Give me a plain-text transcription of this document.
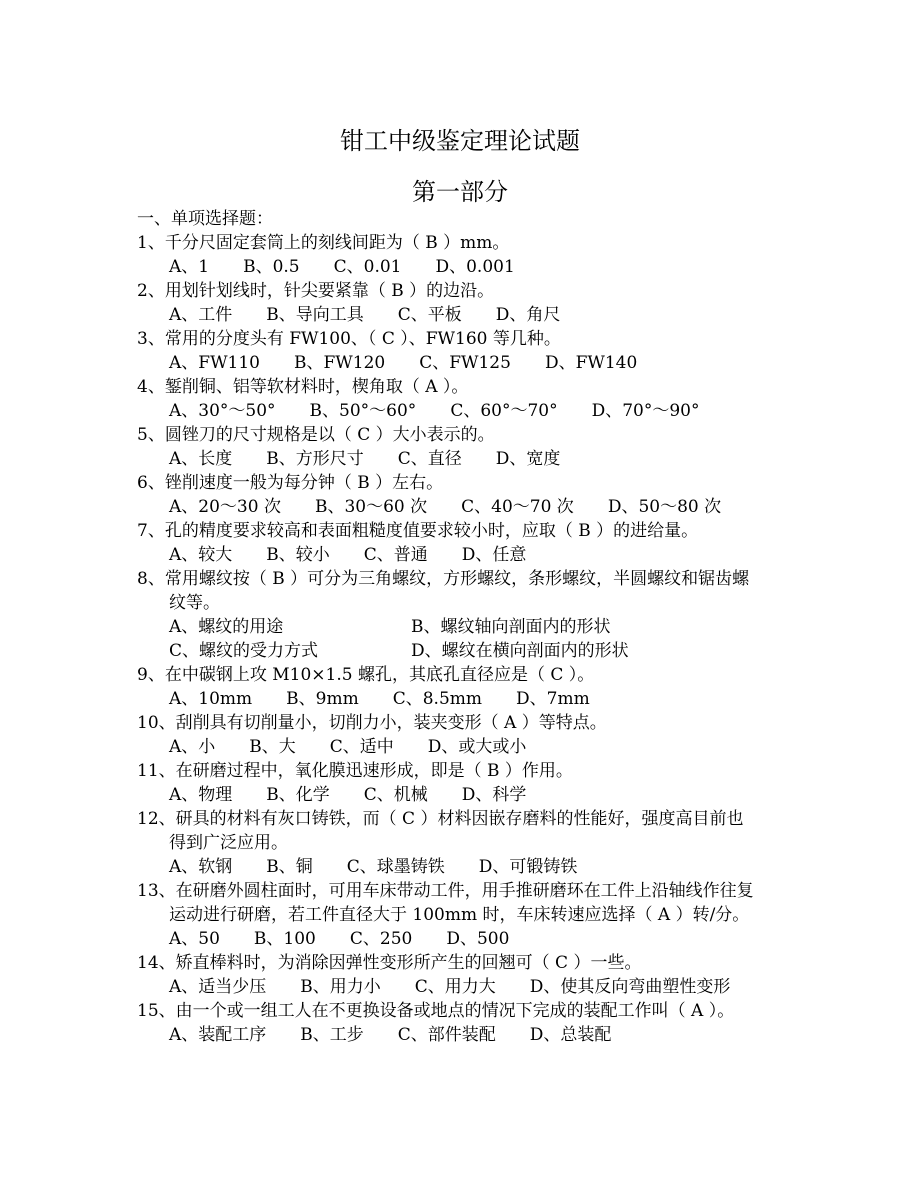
钳工中级鉴定理论试题
第一部分
一、单项选择题：
1、千分尺固定套筒上的刻线间距为（ B ）mm。
A、1 B、0.5 C、0.01 D、0.001
2、用划针划线时，针尖要紧靠（ B ）的边沿。
A、工件 B、导向工具 C、平板 D、角尺
3、常用的分度头有 FW100、（ C ）、FW160 等几种。
A、FW110 B、FW120 C、FW125 D、FW140
4、錾削铜、铝等软材料时，楔角取（ A ）。
A、30°～50° B、50°～60° C、60°～70° D、70°～90°
5、圆锉刀的尺寸规格是以（ C ）大小表示的。
A、长度 B、方形尺寸 C、直径 D、宽度
6、锉削速度一般为每分钟（ B ）左右。
A、20～30 次 B、30～60 次 C、40～70 次 D、50～80 次
7、孔的精度要求较高和表面粗糙度值要求较小时，应取（ B ）的进给量。
A、较大 B、较小 C、普通 D、任意
8、常用螺纹按（ B ）可分为三角螺纹，方形螺纹，条形螺纹，半圆螺纹和锯齿螺
纹等。
A、螺纹的用途	B、螺纹轴向剖面内的形状
C、螺纹的受力方式	D、螺纹在横向剖面内的形状
9、在中碳钢上攻 M10×1.5 螺孔，其底孔直径应是（ C ）。
A、10mm B、9mm C、8.5mm D、7mm
10、刮削具有切削量小，切削力小，装夹变形（ A ）等特点。
A、小 B、大 C、适中 D、或大或小
11、在研磨过程中，氧化膜迅速形成，即是（ B ）作用。
A、物理 B、化学 C、机械 D、科学
12、研具的材料有灰口铸铁，而（ C ）材料因嵌存磨料的性能好，强度高目前也
得到广泛应用。
A、软钢 B、铜 C、球墨铸铁 D、可锻铸铁
13、在研磨外圆柱面时，可用车床带动工件，用手推研磨环在工件上沿轴线作往复
运动进行研磨，若工件直径大于 100mm 时，车床转速应选择（ A ）转/分。
A、50 B、100 C、250 D、500
14、矫直棒料时，为消除因弹性变形所产生的回翘可（ C ）一些。
A、适当少压 B、用力小 C、用力大 D、使其反向弯曲塑性变形
15、由一个或一组工人在不更换设备或地点的情况下完成的装配工作叫（ A ）。
A、装配工序 B、工步 C、部件装配 D、总装配
